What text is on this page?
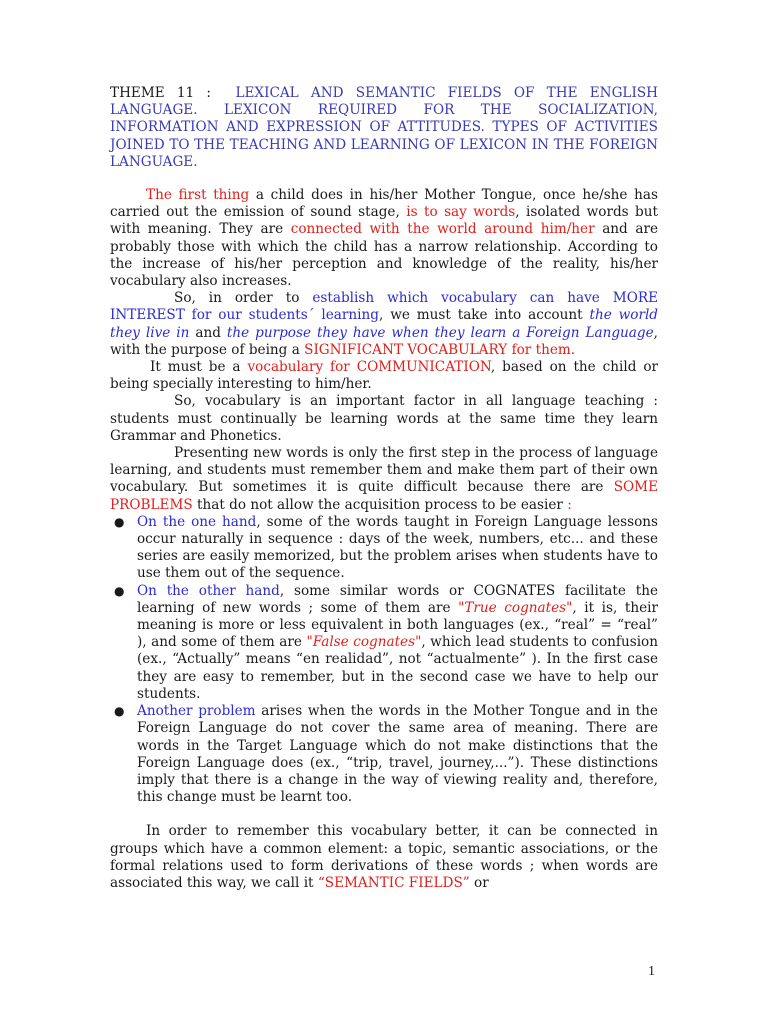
THEME 11 : LEXICAL AND SEMANTIC FIELDS OF THE ENGLISH LANGUAGE. LEXICON REQUIRED FOR THE SOCIALIZATION, INFORMATION AND EXPRESSION OF ATTITUDES. TYPES OF ACTIVITIES JOINED TO THE TEACHING AND LEARNING OF LEXICON IN THE FOREIGN LANGUAGE.

The first thing a child does in his/her Mother Tongue, once he/she has carried out the emission of sound stage, is to say words, isolated words but with meaning. They are connected with the world around him/her and are probably those with which the child has a narrow relationship. According to the increase of his/her perception and knowledge of the reality, his/her vocabulary also increases.

So, in order to establish which vocabulary can have MORE INTEREST for our students´ learning, we must take into account the world they live in and the purpose they have when they learn a Foreign Language, with the purpose of being a SIGNIFICANT VOCABULARY for them.

It must be a vocabulary for COMMUNICATION, based on the child or being specially interesting to him/her.

So, vocabulary is an important factor in all language teaching : students must continually be learning words at the same time they learn Grammar and Phonetics.

Presenting new words is only the first step in the process of language learning, and students must remember them and make them part of their own vocabulary. But sometimes it is quite difficult because there are SOME PROBLEMS that do not allow the acquisition process to be easier :

● On the one hand, some of the words taught in Foreign Language lessons occur naturally in sequence : days of the week, numbers, etc... and these series are easily memorized, but the problem arises when students have to use them out of the sequence.
● On the other hand, some similar words or COGNATES facilitate the learning of new words ; some of them are "True cognates", it is, their meaning is more or less equivalent in both languages (ex., “real” = “real” ), and some of them are "False cognates", which lead students to confusion (ex., “Actually” means “en realidad”, not “actualmente” ). In the first case they are easy to remember, but in the second case we have to help our students.
● Another problem arises when the words in the Mother Tongue and in the Foreign Language do not cover the same area of meaning. There are words in the Target Language which do not make distinctions that the Foreign Language does (ex., “trip, travel, journey,...”). These distinctions imply that there is a change in the way of viewing reality and, therefore, this change must be learnt too.

In order to remember this vocabulary better, it can be connected in groups which have a common element: a topic, semantic associations, or the formal relations used to form derivations of these words ; when words are associated this way, we call it “SEMANTIC FIELDS” or

1
